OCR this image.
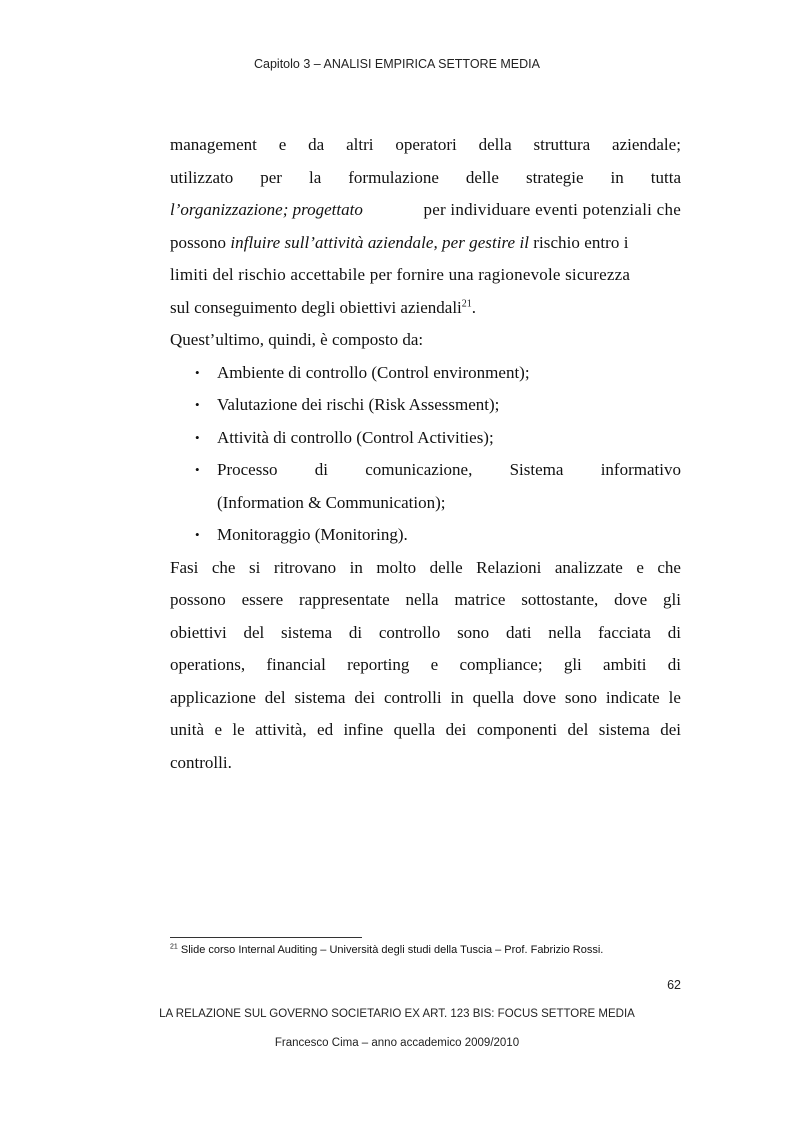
Capitolo 3 – ANALISI EMPIRICA SETTORE MEDIA
management e da altri operatori della struttura aziendale;
utilizzato per la formulazione delle strategie in tutta
l’organizzazione; progettato	per individuare eventi potenziali che
possono influire sull’attività aziendale, per gestire il rischio entro i
limiti del rischio accettabile per fornire una ragionevole sicurezza
sul conseguimento degli obiettivi aziendali$^{21}$.
Quest’ultimo, quindi, è composto da:
• Ambiente di controllo (Control environment);
• Valutazione dei rischi (Risk Assessment);
• Attività di controllo (Control Activities);
• Processo di comunicazione, Sistema informativo
(Information & Communication);
• Monitoraggio (Monitoring).
Fasi che si ritrovano in molto delle Relazioni analizzate e che
possono essere rappresentate nella matrice sottostante, dove gli
obiettivi del sistema di controllo sono dati nella facciata di
operations, financial reporting e compliance; gli ambiti di
applicazione del sistema dei controlli in quella dove sono indicate le
unità e le attività, ed infine quella dei componenti del sistema dei
controlli.
$^{21}$ Slide corso Internal Auditing – Università degli studi della Tuscia – Prof. Fabrizio Rossi.
62
LA RELAZIONE SUL GOVERNO SOCIETARIO EX ART. 123 BIS: FOCUS SETTORE MEDIA
Francesco Cima – anno accademico 2009/2010
